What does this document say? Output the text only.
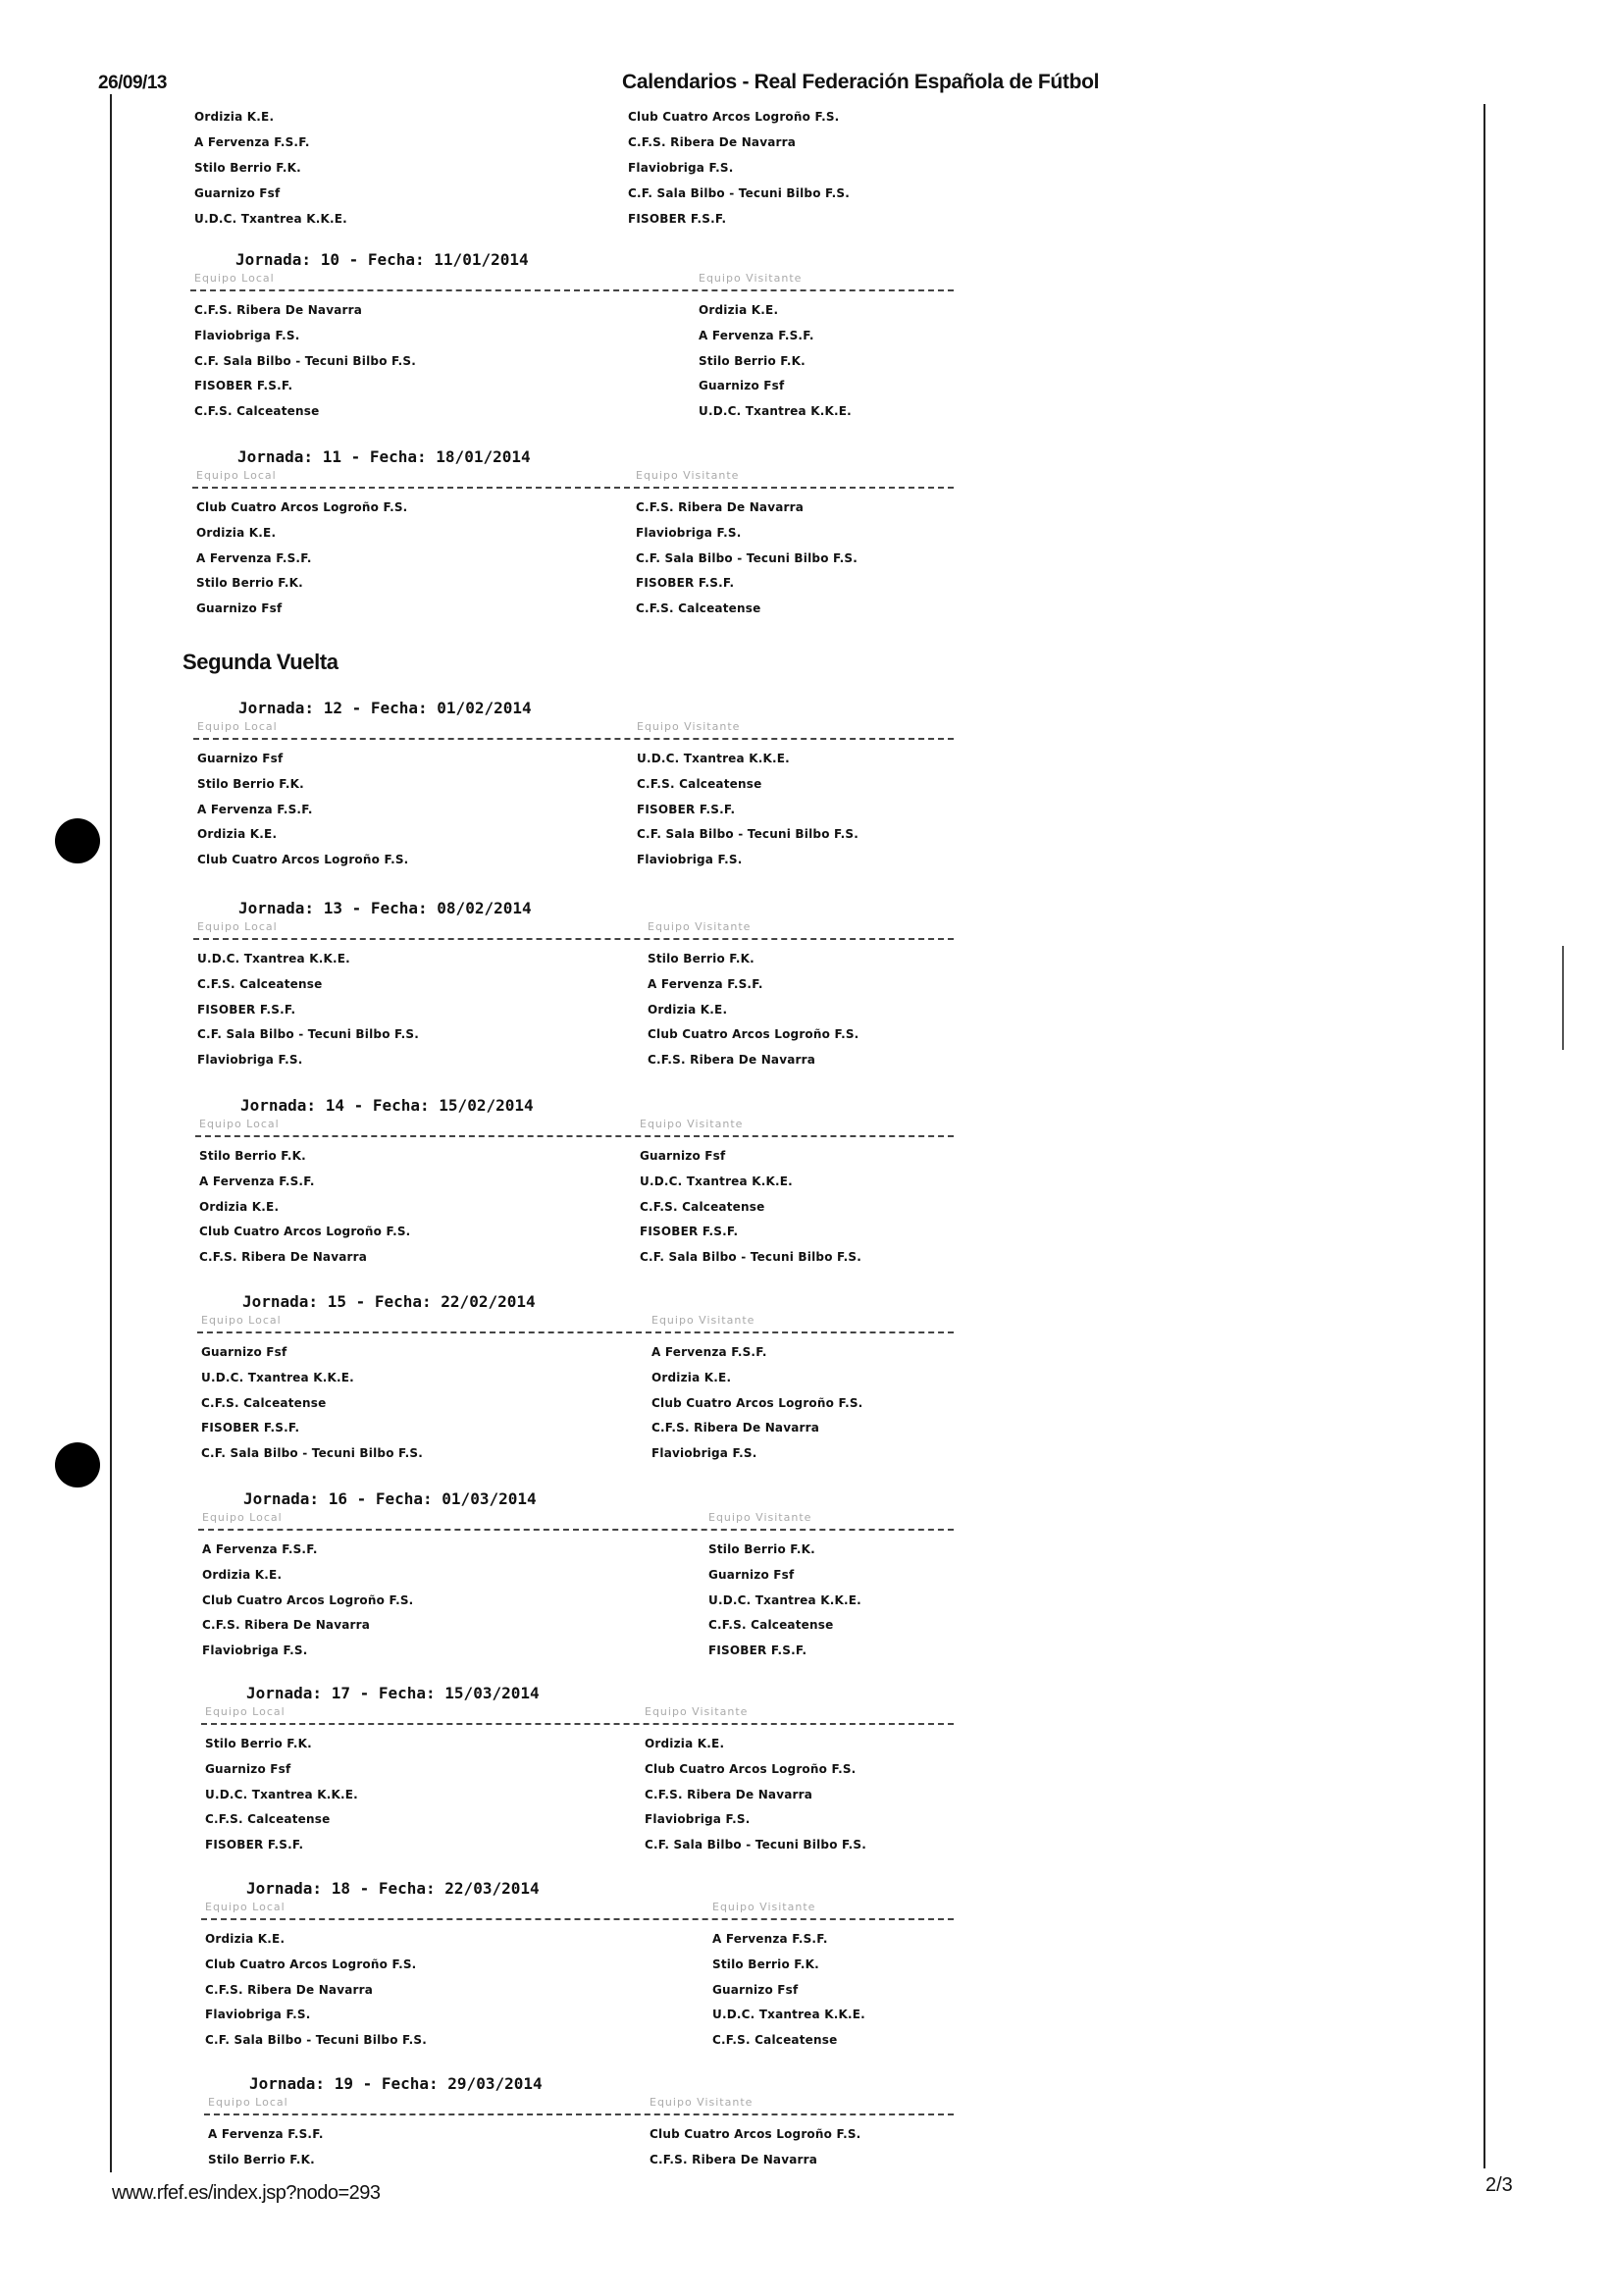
26/09/13	Calendarios - Real Federación Española de Fútbol
www.rfef.es/index.jsp?nodo=293	2/3
Ordizia K.E.	Club Cuatro Arcos Logroño F.S.
A Fervenza F.S.F.	C.F.S. Ribera De Navarra
Stilo Berrio F.K.	Flaviobriga F.S.
Guarnizo Fsf	C.F. Sala Bilbo - Tecuni Bilbo F.S.
U.D.C. Txantrea K.K.E.	FISOBER F.S.F.
Jornada: 10 - Fecha: 11/01/2014
Equipo Local	Equipo Visitante
C.F.S. Ribera De Navarra	Ordizia K.E.
Flaviobriga F.S.	A Fervenza F.S.F.
C.F. Sala Bilbo - Tecuni Bilbo F.S.	Stilo Berrio F.K.
FISOBER F.S.F.	Guarnizo Fsf
C.F.S. Calceatense	U.D.C. Txantrea K.K.E.
Jornada: 11 - Fecha: 18/01/2014
Equipo Local	Equipo Visitante
Club Cuatro Arcos Logroño F.S.	C.F.S. Ribera De Navarra
Ordizia K.E.	Flaviobriga F.S.
A Fervenza F.S.F.	C.F. Sala Bilbo - Tecuni Bilbo F.S.
Stilo Berrio F.K.	FISOBER F.S.F.
Guarnizo Fsf	C.F.S. Calceatense
Jornada: 12 - Fecha: 01/02/2014
Equipo Local	Equipo Visitante
Guarnizo Fsf	U.D.C. Txantrea K.K.E.
Stilo Berrio F.K.	C.F.S. Calceatense
A Fervenza F.S.F.	FISOBER F.S.F.
Ordizia K.E.	C.F. Sala Bilbo - Tecuni Bilbo F.S.
Club Cuatro Arcos Logroño F.S.	Flaviobriga F.S.
Jornada: 13 - Fecha: 08/02/2014
Equipo Local	Equipo Visitante
U.D.C. Txantrea K.K.E.	Stilo Berrio F.K.
C.F.S. Calceatense	A Fervenza F.S.F.
FISOBER F.S.F.	Ordizia K.E.
C.F. Sala Bilbo - Tecuni Bilbo F.S.	Club Cuatro Arcos Logroño F.S.
Flaviobriga F.S.	C.F.S. Ribera De Navarra
Jornada: 14 - Fecha: 15/02/2014
Equipo Local	Equipo Visitante
Stilo Berrio F.K.	Guarnizo Fsf
A Fervenza F.S.F.	U.D.C. Txantrea K.K.E.
Ordizia K.E.	C.F.S. Calceatense
Club Cuatro Arcos Logroño F.S.	FISOBER F.S.F.
C.F.S. Ribera De Navarra	C.F. Sala Bilbo - Tecuni Bilbo F.S.
Jornada: 15 - Fecha: 22/02/2014
Equipo Local	Equipo Visitante
Guarnizo Fsf	A Fervenza F.S.F.
U.D.C. Txantrea K.K.E.	Ordizia K.E.
C.F.S. Calceatense	Club Cuatro Arcos Logroño F.S.
FISOBER F.S.F.	C.F.S. Ribera De Navarra
C.F. Sala Bilbo - Tecuni Bilbo F.S.	Flaviobriga F.S.
Jornada: 16 - Fecha: 01/03/2014
Equipo Local	Equipo Visitante
A Fervenza F.S.F.	Stilo Berrio F.K.
Ordizia K.E.	Guarnizo Fsf
Club Cuatro Arcos Logroño F.S.	U.D.C. Txantrea K.K.E.
C.F.S. Ribera De Navarra	C.F.S. Calceatense
Flaviobriga F.S.	FISOBER F.S.F.
Jornada: 17 - Fecha: 15/03/2014
Equipo Local	Equipo Visitante
Stilo Berrio F.K.	Ordizia K.E.
Guarnizo Fsf	Club Cuatro Arcos Logroño F.S.
U.D.C. Txantrea K.K.E.	C.F.S. Ribera De Navarra
C.F.S. Calceatense	Flaviobriga F.S.
FISOBER F.S.F.	C.F. Sala Bilbo - Tecuni Bilbo F.S.
Jornada: 18 - Fecha: 22/03/2014
Equipo Local	Equipo Visitante
Ordizia K.E.	A Fervenza F.S.F.
Club Cuatro Arcos Logroño F.S.	Stilo Berrio F.K.
C.F.S. Ribera De Navarra	Guarnizo Fsf
Flaviobriga F.S.	U.D.C. Txantrea K.K.E.
C.F. Sala Bilbo - Tecuni Bilbo F.S.	C.F.S. Calceatense
Jornada: 19 - Fecha: 29/03/2014
Equipo Local	Equipo Visitante
A Fervenza F.S.F.	Club Cuatro Arcos Logroño F.S.
Stilo Berrio F.K.	C.F.S. Ribera De Navarra
Segunda Vuelta
